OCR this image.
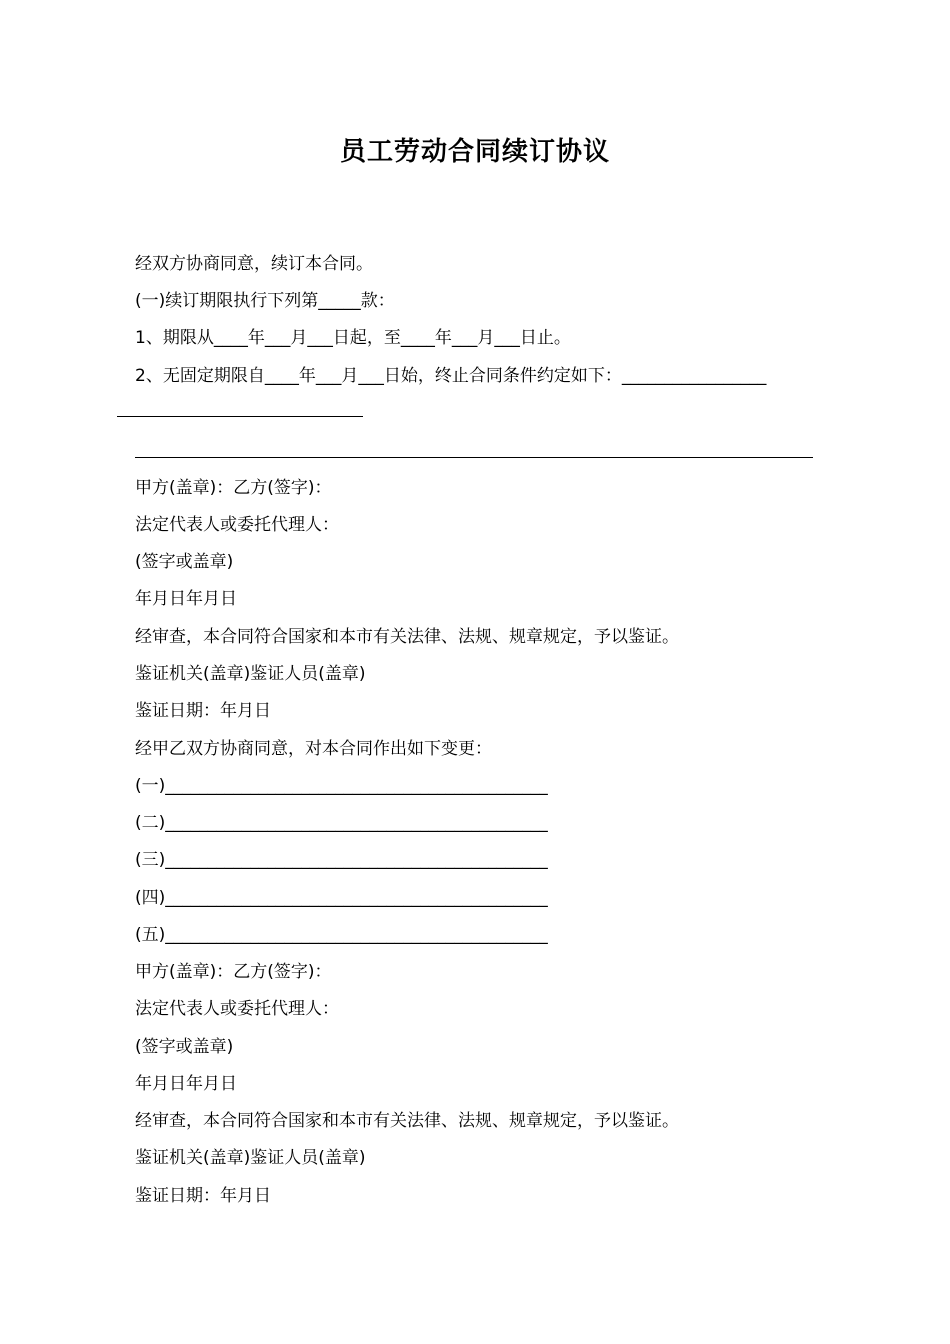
员工劳动合同续订协议
经双方协商同意，续订本合同。
(一)续订期限执行下列第_____款：
1、期限从____年___月___日起，至____年___月___日止。
2、无固定期限自____年___月___日始，终止合同条件约定如下：_________________
甲方(盖章)：乙方(签字)：
法定代表人或委托代理人：
(签字或盖章)
年月日年月日
经审查，本合同符合国家和本市有关法律、法规、规章规定，予以鉴证。
鉴证机关(盖章)鉴证人员(盖章)
鉴证日期：年月日
经甲乙双方协商同意，对本合同作出如下变更：
(一)_____________________________________________
(二)_____________________________________________
(三)_____________________________________________
(四)_____________________________________________
(五)_____________________________________________
甲方(盖章)：乙方(签字)：
法定代表人或委托代理人：
(签字或盖章)
年月日年月日
经审查，本合同符合国家和本市有关法律、法规、规章规定，予以鉴证。
鉴证机关(盖章)鉴证人员(盖章)
鉴证日期：年月日
